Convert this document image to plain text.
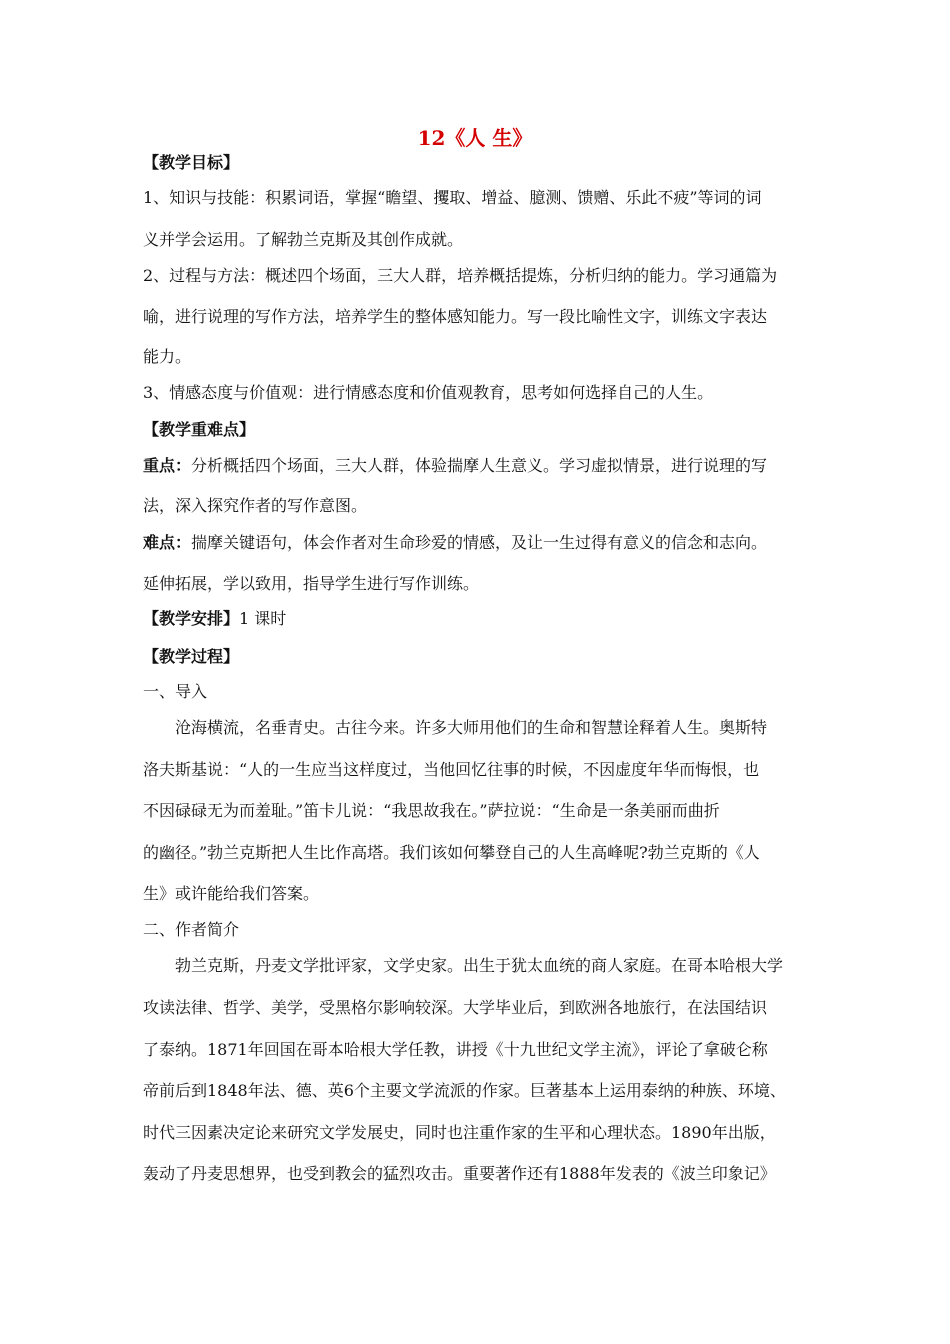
12《人 生》
【教学目标】
1、知识与技能：积累词语，掌握“瞻望、攫取、增益、臆测、馈赠、乐此不疲”等词的词
义并学会运用。了解勃兰克斯及其创作成就。
2、过程与方法：概述四个场面，三大人群，培养概括提炼，分析归纳的能力。学习通篇为
喻，进行说理的写作方法，培养学生的整体感知能力。写一段比喻性文字，训练文字表达
能力。
3、情感态度与价值观：进行情感态度和价值观教育，思考如何选择自己的人生。
【教学重难点】
重点：分析概括四个场面，三大人群，体验揣摩人生意义。学习虚拟情景，进行说理的写
法，深入探究作者的写作意图。
难点：揣摩关键语句，体会作者对生命珍爱的情感，及让一生过得有意义的信念和志向。
延伸拓展，学以致用，指导学生进行写作训练。
【教学安排】1 课时
【教学过程】
一、导入
沧海横流，名垂青史。古往今来。许多大师用他们的生命和智慧诠释着人生。奥斯特
洛夫斯基说：“人的一生应当这样度过，当他回忆往事的时候，不因虚度年华而悔恨，也
不因碌碌无为而羞耻。”笛卡儿说：“我思故我在。”萨拉说：“生命是一条美丽而曲折
的幽径。”勃兰克斯把人生比作高塔。我们该如何攀登自己的人生高峰呢?勃兰克斯的《人
生》或许能给我们答案。
二、作者简介
勃兰克斯，丹麦文学批评家，文学史家。出生于犹太血统的商人家庭。在哥本哈根大学
攻读法律、哲学、美学，受黑格尔影响较深。大学毕业后，到欧洲各地旅行，在法国结识
了泰纳。1871年回国在哥本哈根大学任教，讲授《十九世纪文学主流》，评论了拿破仑称
帝前后到1848年法、德、英6个主要文学流派的作家。巨著基本上运用泰纳的种族、环境、
时代三因素决定论来研究文学发展史，同时也注重作家的生平和心理状态。1890年出版，
轰动了丹麦思想界，也受到教会的猛烈攻击。重要著作还有1888年发表的《波兰印象记》
